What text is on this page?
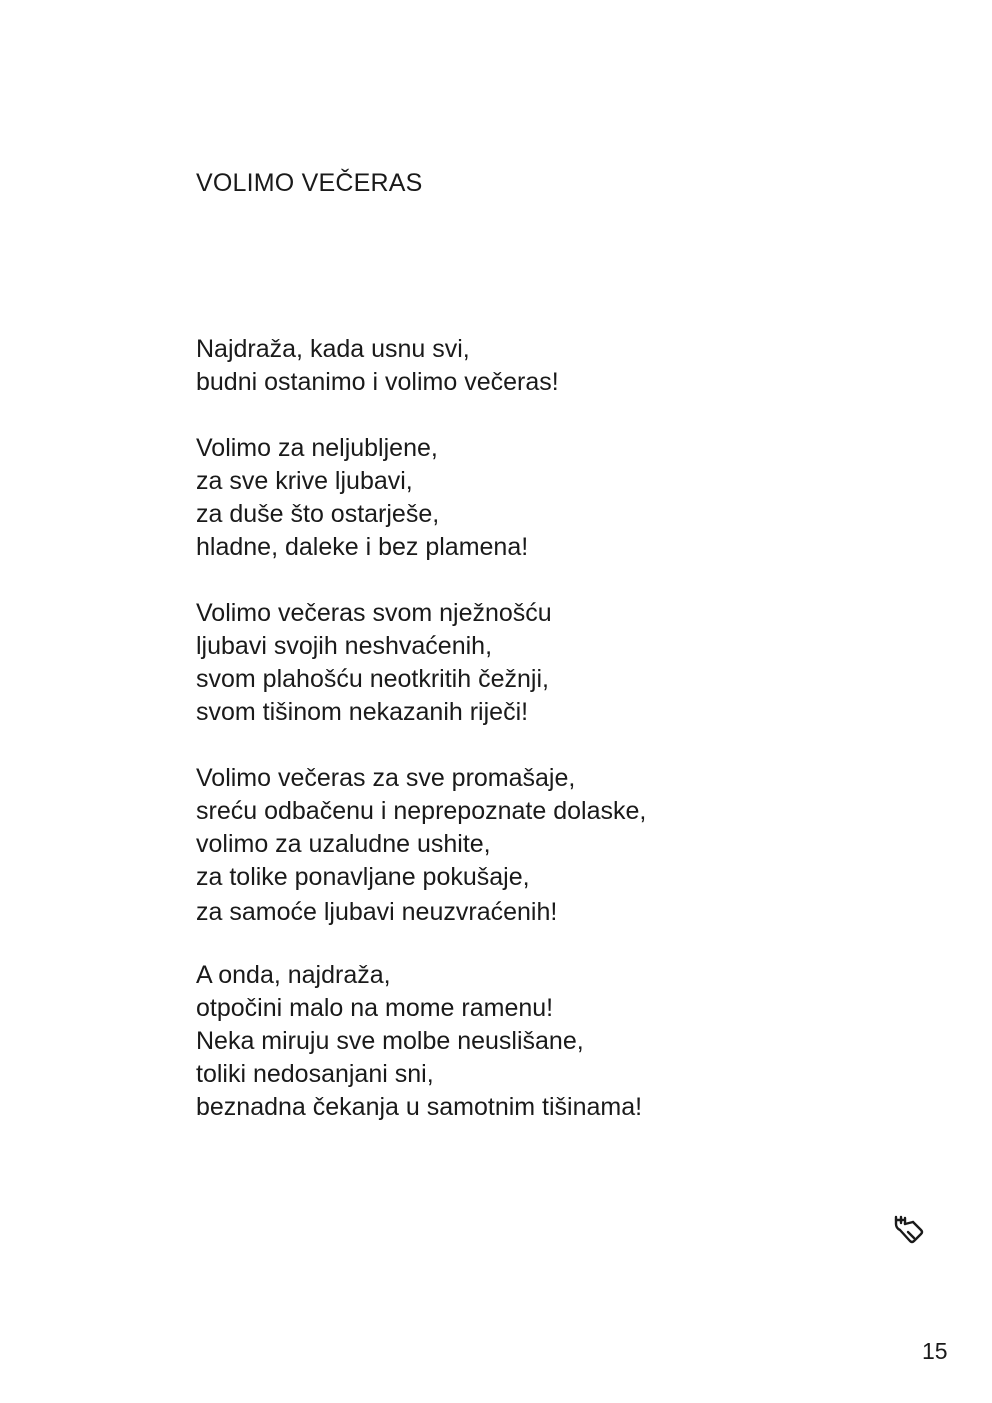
VOLIMO VEČERAS
Najdraža, kada usnu svi,
budni ostanimo i volimo večeras!
Volimo za neljubljene,
za sve krive ljubavi,
za duše što ostarješe,
hladne, daleke i bez plamena!
Volimo večeras svom nježnošću
ljubavi svojih neshvaćenih,
svom plahošću neotkritih čežnji,
svom tišinom nekazanih riječi!
Volimo večeras za sve promašaje,
sreću odbačenu i neprepoznate dolaske,
volimo za uzaludne ushite,
za tolike ponavljane pokušaje,
za samoće ljubavi neuzvraćenih!
A onda, najdraža,
otpočini malo na mome ramenu!
Neka miruju sve molbe neuslišane,
toliki nedosanjani sni,
beznadna čekanja u samotnim tišinama!
15
